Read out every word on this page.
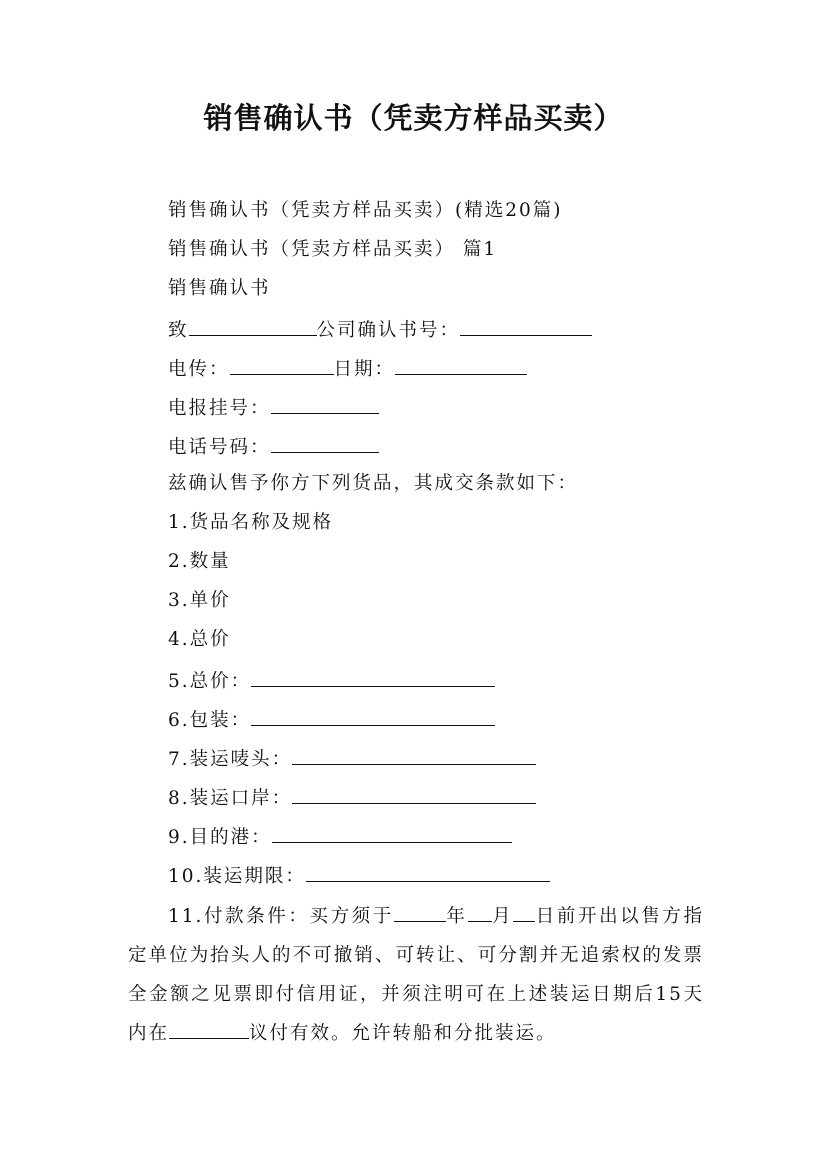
销售确认书（凭卖方样品买卖）
销售确认书（凭卖方样品买卖）(精选20篇)
销售确认书（凭卖方样品买卖） 篇1
销售确认书
致	公司确认书号：
电传：	日期：
电报挂号：
电话号码：
兹确认售予你方下列货品，其成交条款如下：
1.货品名称及规格
2.数量
3.单价
4.总价
5.总价：
6.包装：
7.装运唛头：
8.装运口岸：
9.目的港：
10.装运期限：
11.付款条件：买方须于	年 月 日前开出以售方指定单位为抬头人的不可撤销、可转让、可分割并无追索权的发票全金额之见票即付信用证，并须注明可在上述装运日期后15天内在	议付有效。允许转船和分批装运。
